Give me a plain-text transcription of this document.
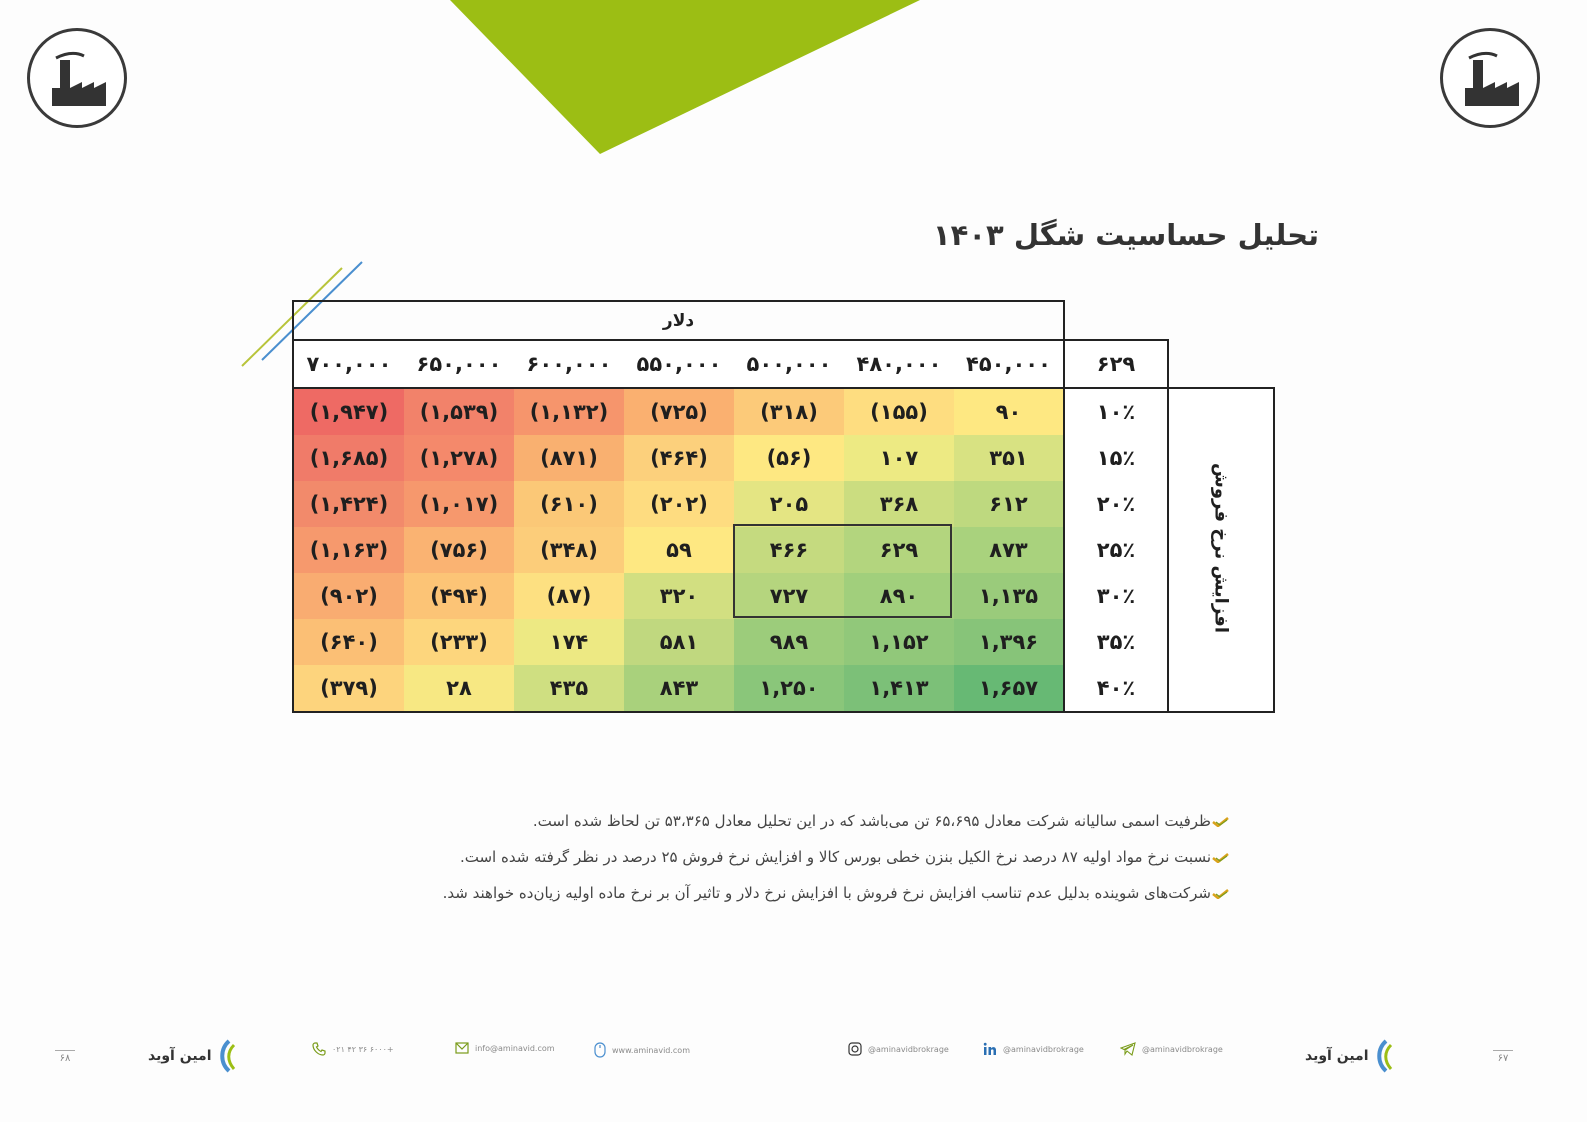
تحلیل حساسیت شگل ۱۴۰۳
دلار								
۷۰۰,۰۰۰	۶۵۰,۰۰۰	۶۰۰,۰۰۰	۵۵۰,۰۰۰	۵۰۰,۰۰۰	۴۸۰,۰۰۰	۴۵۰,۰۰۰	۶۲۹	
(۱,۹۴۷)	(۱,۵۳۹)	(۱,۱۳۲)	(۷۲۵)	(۳۱۸)	(۱۵۵)	۹۰	۱۰٪	افزایش نرخ فروش
(۱,۶۸۵)	(۱,۲۷۸)	(۸۷۱)	(۴۶۴)	(۵۶)	۱۰۷	۳۵۱	۱۵٪	
(۱,۴۲۴)	(۱,۰۱۷)	(۶۱۰)	(۲۰۲)	۲۰۵	۳۶۸	۶۱۲	۲۰٪	
(۱,۱۶۳)	(۷۵۶)	(۳۴۸)	۵۹	۴۶۶	۶۲۹	۸۷۳	۲۵٪	
(۹۰۲)	(۴۹۴)	(۸۷)	۳۲۰	۷۲۷	۸۹۰	۱,۱۳۵	۳۰٪	
(۶۴۰)	(۲۳۳)	۱۷۴	۵۸۱	۹۸۹	۱,۱۵۲	۱,۳۹۶	۳۵٪	
(۳۷۹)	۲۸	۴۳۵	۸۴۳	۱,۲۵۰	۱,۴۱۳	۱,۶۵۷	۴۰٪	
ظرفیت اسمی سالیانه شرکت معادل ۶۵،۶۹۵ تن می‌باشد که در این تحلیل معادل ۵۳،۳۶۵ تن لحاظ شده است.
نسبت نرخ مواد اولیه ۸۷ درصد نرخ الکیل بنزن خطی بورس کالا و افزایش نرخ فروش ۲۵ درصد در نظر گرفته شده است.
شرکت‌های شوینده بدلیل عدم تناسب افزایش نرخ فروش با افزایش نرخ دلار و تاثیر آن بر نرخ ماده اولیه زیان‌ده خواهند شد.
۶۸	امین آوید	۰۲۱ ۴۲ ۳۶ ۶۰۰۰+	info@aminavid.com	www.aminavid.com	@aminavidbrokrage	@aminavidbrokrage	@aminavidbrokrage	امین آوید	۶۷
